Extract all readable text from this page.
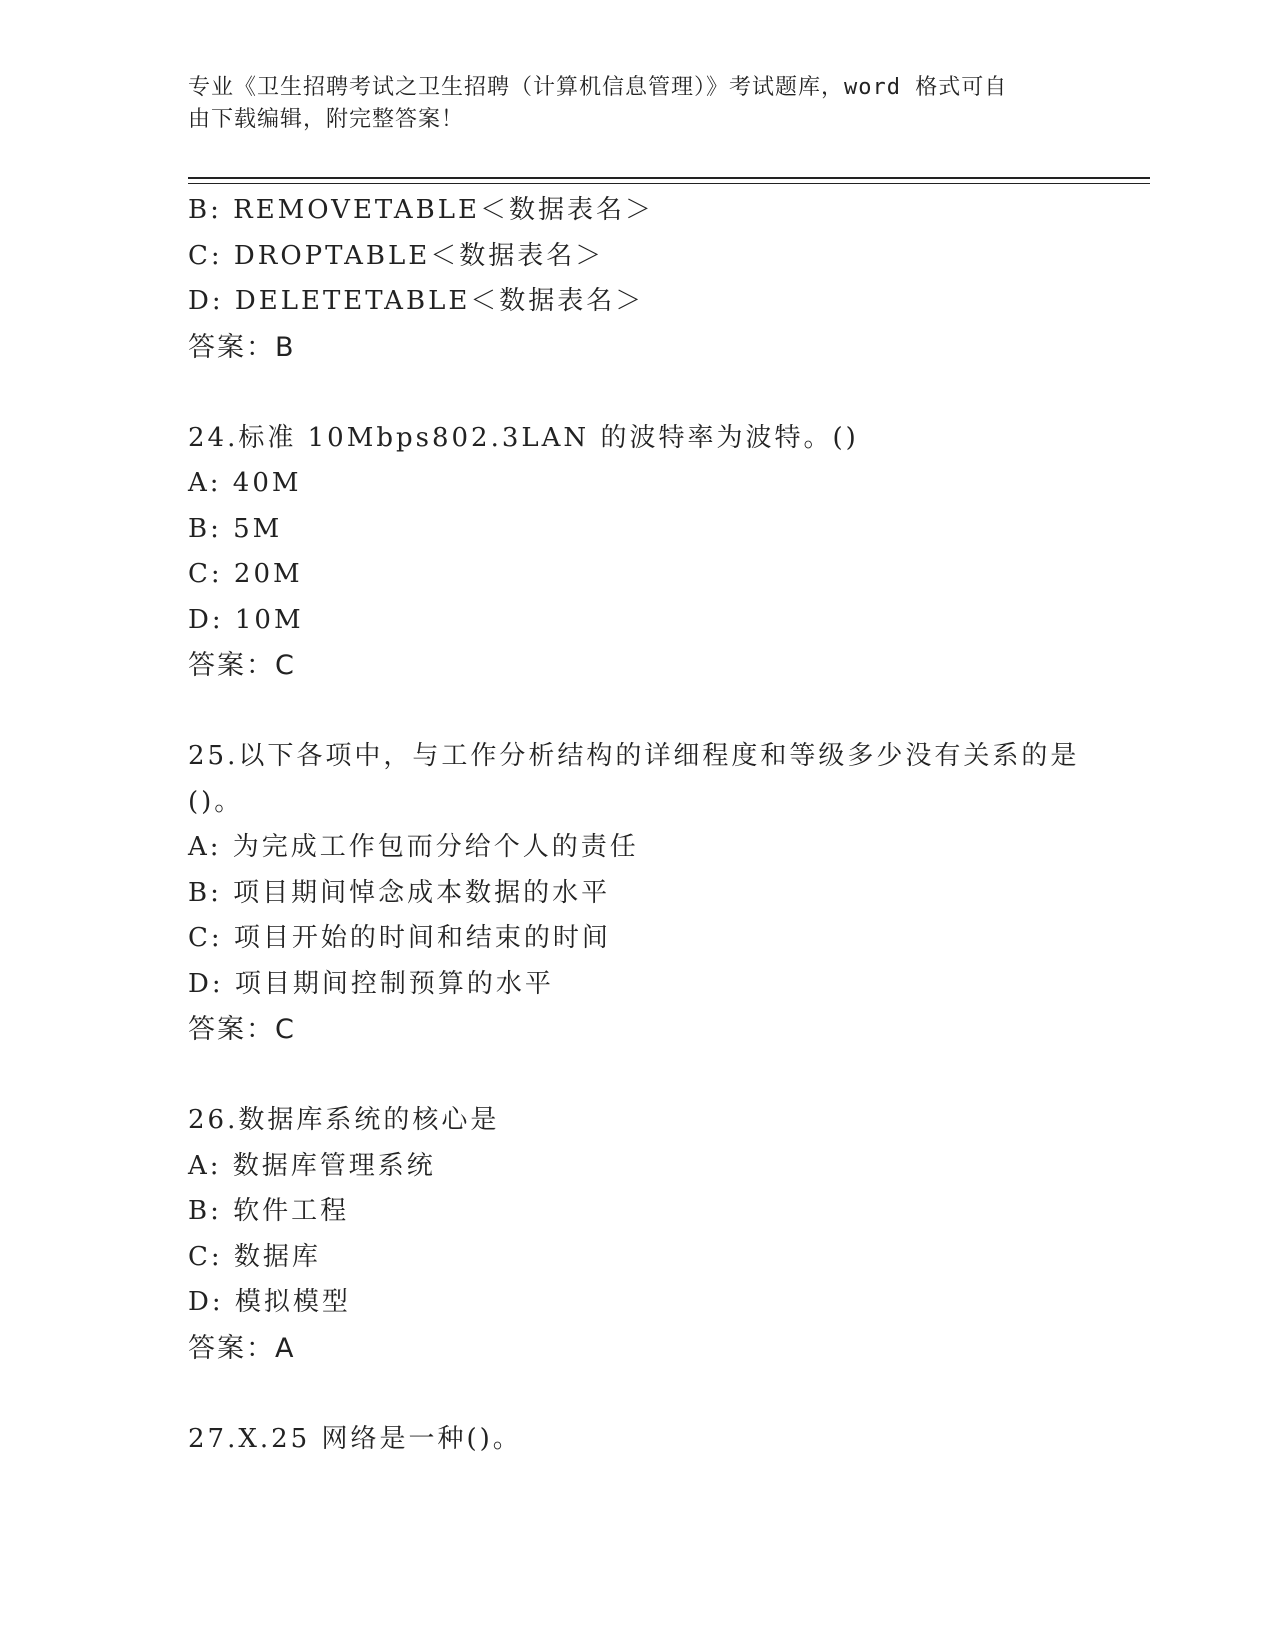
专业《卫生招聘考试之卫生招聘（计算机信息管理）》考试题库，word 格式可自
由下载编辑，附完整答案！
B: REMOVETABLE＜数据表名＞
C: DROPTABLE＜数据表名＞
D: DELETETABLE＜数据表名＞
答案：B
24.标准 10Mbps802.3LAN 的波特率为波特。()
A: 40M
B: 5M
C: 20M
D: 10M
答案：C
25.以下各项中，与工作分析结构的详细程度和等级多少没有关系的是
()。
A: 为完成工作包而分给个人的责任
B: 项目期间悼念成本数据的水平
C: 项目开始的时间和结束的时间
D: 项目期间控制预算的水平
答案：C
26.数据库系统的核心是
A: 数据库管理系统
B: 软件工程
C: 数据库
D: 模拟模型
答案：A
27.X.25 网络是一种()。
